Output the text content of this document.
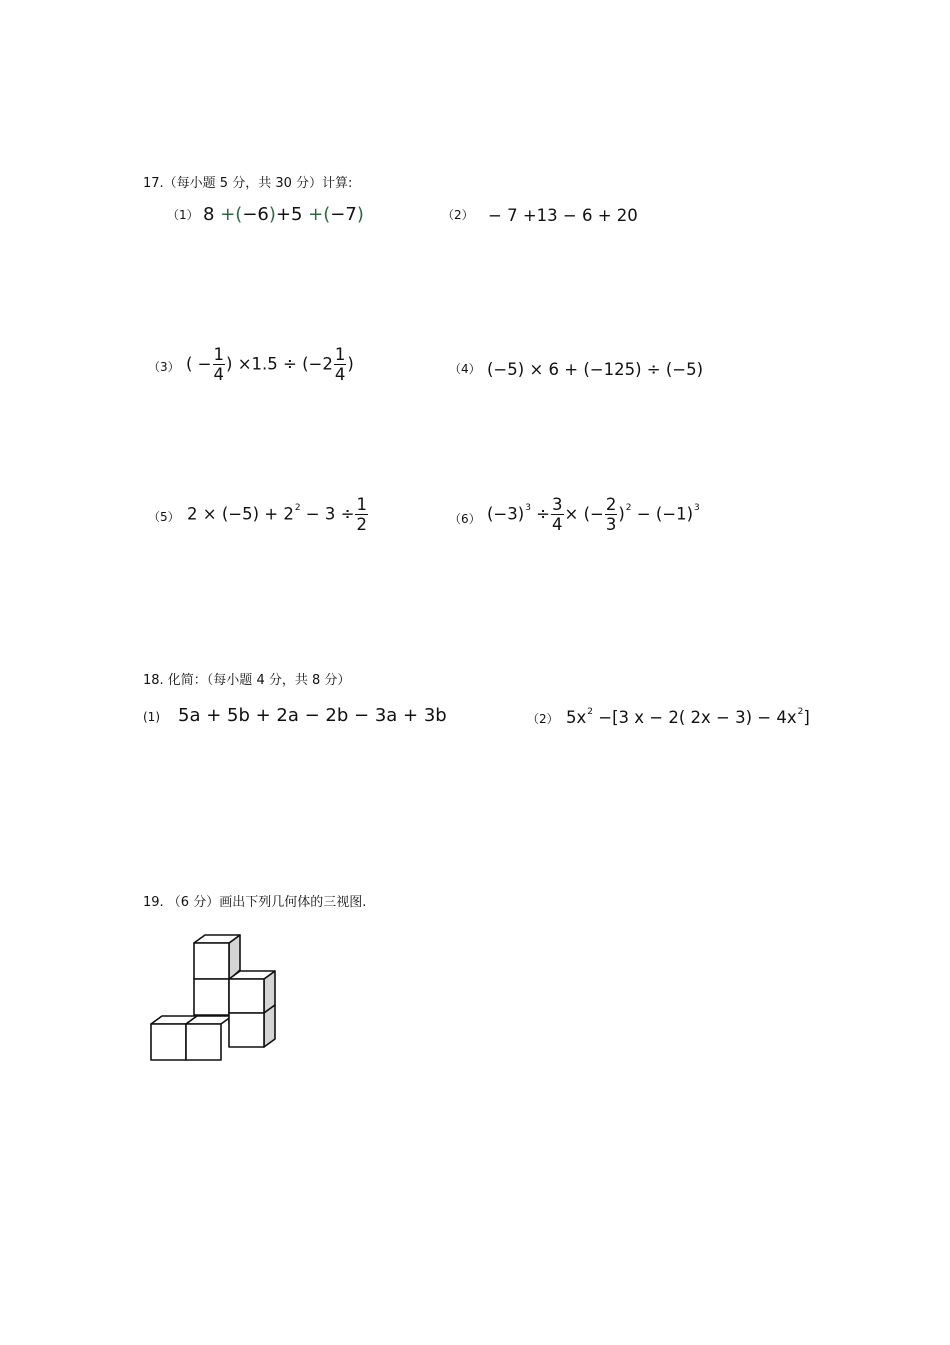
17.（每小题 5 分，共 30 分）计算:
（1） 8 +(−6)+5 +(−7)	（2） − 7 +13 − 6 + 20
（3） ( − $\frac{1}{4}$ ) $\times 1.5 \div (-2 \frac{1}{4}$ )	（4） (−5) × 6 + (−125) ÷ (−5)
（5） $2 \times (-5) + 2^2 - 3 \div \frac{1}{2}$	（6） $(-3)^3 \div \frac{3}{4}$ × (− $\frac{2}{3} )^2 - (-1)^3$
18. 化简：（每小题 4 分，共 8 分）
(1) 5a + 5b + 2a − 2b − 3a + 3b	（2） $5x^2 -[3$ x − 2( $2x - 3) - 4x^2$]
19. （6 分）画出下列几何体的三视图.
